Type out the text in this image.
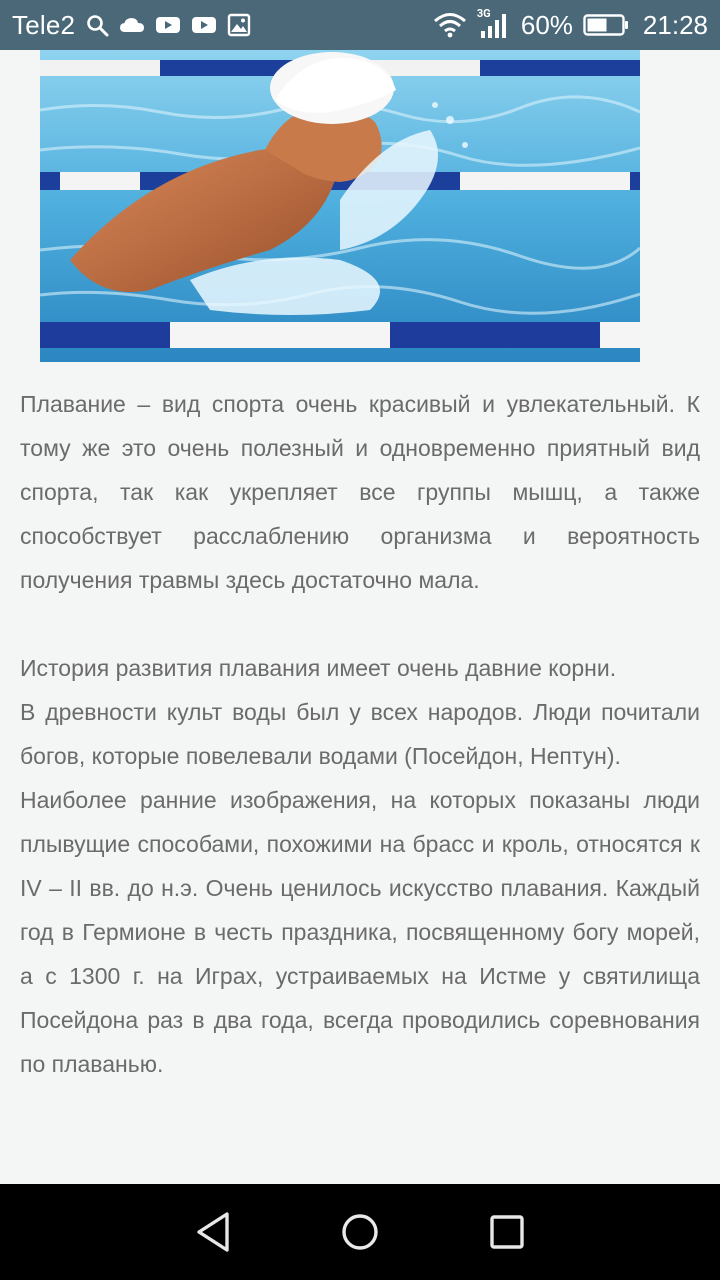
Tele2	3G 60%	21:28

Плавание – вид спорта очень красивый и увлекательный. К тому же это очень полезный и одновременно приятный вид спорта, так как укрепляет все группы мышц, а также способствует расслаблению организма и вероятность получения травмы здесь достаточно мала.

История развития плавания имеет очень давние корни.

В древности культ воды был у всех народов. Люди почитали богов, которые повелевали водами (Посейдон, Нептун).

Наиболее ранние изображения, на которых показаны люди плывущие способами, похожими на брасс и кроль, относятся к IV – II вв. до н.э. Очень ценилось искусство плавания. Каждый год в Гермионе в честь праздника, посвященному богу морей, а с 1300 г. на Играх, устраиваемых на Истме у святилища Посейдона раз в два года, всегда проводились соревнования по плаванью.
